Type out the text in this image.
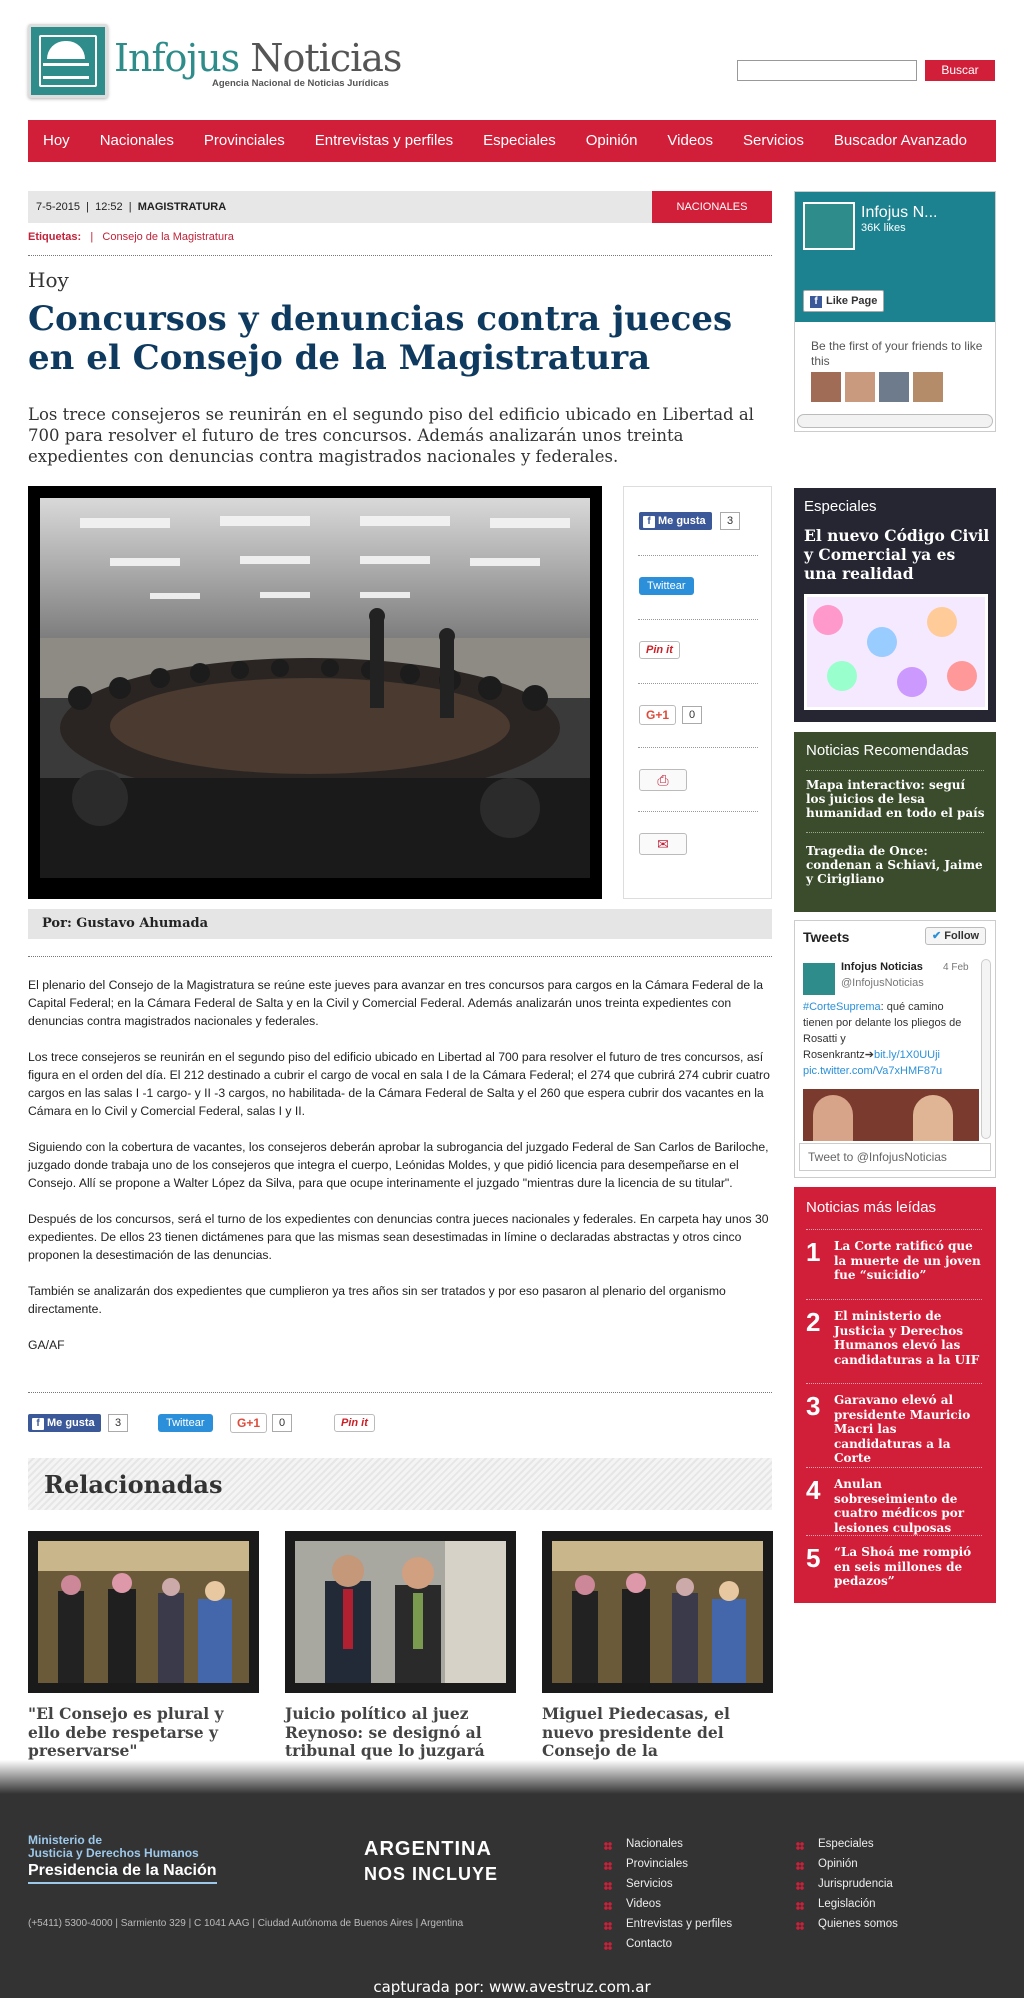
Infojus Noticias
Agencia Nacional de Noticias Jurídicas
Buscar
Hoy	Nacionales	Provinciales	Entrevistas y perfiles	Especiales	Opinión	Videos	Servicios	Buscador Avanzado
7-5-2015  |  12:52  |  MAGISTRATURA	NACIONALES
Etiquetas:   |   Consejo de la Magistratura
Hoy
Concursos y denuncias contra jueces en el Consejo de la Magistratura
Los trece consejeros se reunirán en el segundo piso del edificio ubicado en Libertad al 700 para resolver el futuro de tres concursos. Además analizarán unos treinta expedientes con denuncias contra magistrados nacionales y federales.
f Me gusta	3
Twittear
Pin it
G+1	0
⎙
✉
Por: Gustavo Ahumada

El plenario del Consejo de la Magistratura se reúne este jueves para avanzar en tres concursos para cargos en la Cámara Federal de la Capital Federal; en la Cámara Federal de Salta y en la Civil y Comercial Federal. Además analizarán unos treinta expedientes con denuncias contra magistrados nacionales y federales.

Los trece consejeros se reunirán en el segundo piso del edificio ubicado en Libertad al 700 para resolver el futuro de tres concursos, así figura en el orden del día. El 212 destinado a cubrir el cargo de vocal en sala I de la Cámara Federal; el 274 que cubrirá 274 cubrir cuatro cargos en las salas I -1 cargo- y II -3 cargos, no habilitada- de la Cámara Federal de Salta y el 260 que espera cubrir dos vacantes en la Cámara en lo Civil y Comercial Federal, salas I y II.

Siguiendo con la cobertura de vacantes, los consejeros deberán aprobar la subrogancia del juzgado Federal de San Carlos de Bariloche, juzgado donde trabaja uno de los consejeros que integra el cuerpo, Leónidas Moldes, y que pidió licencia para desempeñarse en el Consejo. Allí se propone a Walter López da Silva, para que ocupe interinamente el juzgado "mientras dure la licencia de su titular".

Después de los concursos, será el turno de los expedientes con denuncias contra jueces nacionales y federales. En carpeta hay unos 30 expedientes. De ellos 23 tienen dictámenes para que las mismas sean desestimadas in límine o declaradas abstractas y otros cinco proponen la desestimación de las denuncias.

También se analizarán dos expedientes que cumplieron ya tres años sin ser tratados y por eso pasaron al plenario del organismo directamente.

GA/AF

f Me gusta	3	Twittear	G+1	0	Pin it
Relacionadas
"El Consejo es plural y ello debe respetarse y preservarse"
Juicio político al juez Reynoso: se designó al tribunal que lo juzgará
Miguel Piedecasas, el nuevo presidente del Consejo de la
Infojus N...
36K likes
f Like Page
Be the first of your friends to like this
Especiales
El nuevo Código Civil y Comercial ya es una realidad
Noticias Recomendadas
Mapa interactivo: seguí los juicios de lesa humanidad en todo el país
Tragedia de Once: condenan a Schiavi, Jaime y Cirigliano
Tweets	✔ Follow
Infojus Noticias
@InfojusNoticias
4 Feb
#CorteSuprema: qué camino tienen por delante los pliegos de Rosatti y Rosenkrantz➔bit.ly/1X0UUji
pic.twitter.com/Va7xHMF87u
Tweet to @InfojusNoticias
Noticias más leídas
1 La Corte ratificó que la muerte de un joven fue “suicidio”
2 El ministerio de Justicia y Derechos Humanos elevó las candidaturas a la UIF
3 Garavano elevó al presidente Mauricio Macri las candidaturas a la Corte
4 Anulan sobreseimiento de cuatro médicos por lesiones culposas
5 “La Shoá me rompió en seis millones de pedazos”
Ministerio de
Justicia y Derechos Humanos
Presidencia de la Nación
(+5411) 5300-4000 | Sarmiento 329 | C 1041 AAG | Ciudad Autónoma de Buenos Aires | Argentina
ARGENTINA
NOS INCLUYE
Nacionales
Provinciales
Servicios
Videos
Entrevistas y perfiles
Contacto
Especiales
Opinión
Jurisprudencia
Legislación
Quienes somos
capturada por: www.avestruz.com.ar
